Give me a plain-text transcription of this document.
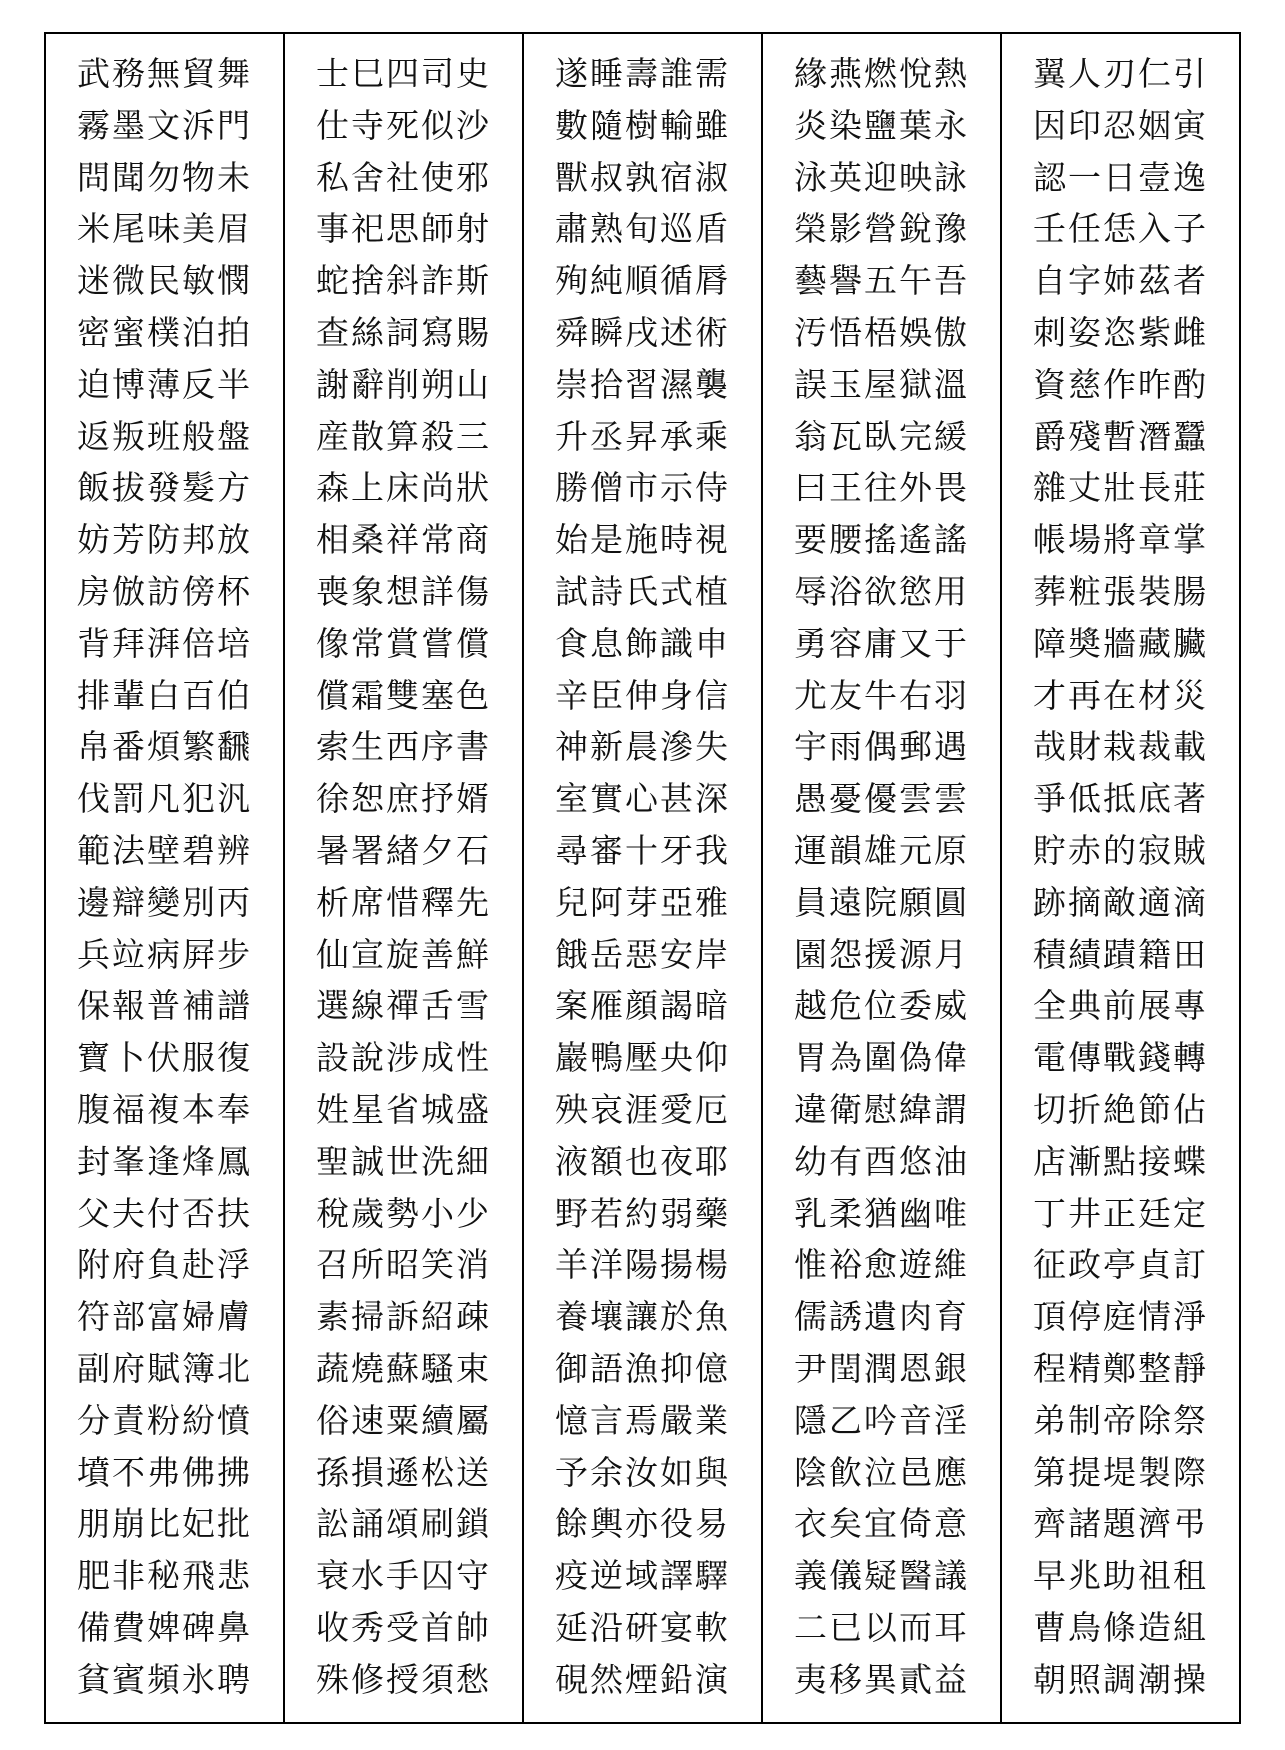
武務無貿舞
霧墨文泝門
問聞勿物未
米尾味美眉
迷微民敏憫
密蜜樸泊拍
迫博薄反半
返叛班般盤
飯拔發髮方
妨芳防邦放
房倣訪傍杯
背拜湃倍培
排輩白百伯
帛番煩繁飜
伐罰凡犯汎
範法壁碧辨
邊辯變別丙
兵竝病屛步
保報普補譜
寶卜伏服復
腹福複本奉
封峯逢烽鳳
父夫付否扶
附府負赴浮
符部富婦膚
副府賦簿北
分責粉紛憤
墳不弗佛拂
朋崩比妃批
肥非秘飛悲
備費婢碑鼻
貧賓頻氷聘
士巳四司史
仕寺死似沙
私舍社使邪
事祀思師射
蛇捨斜詐斯
查絲詞寫賜
謝辭削朔山
産散算殺三
森上床尚狀
相桑祥常商
喪象想詳傷
像常賞嘗償
償霜雙塞色
索生西序書
徐恕庶抒婿
暑署緖夕石
析席惜釋先
仙宣旋善鮮
選線禪舌雪
設說涉成性
姓星省城盛
聖誠世洗細
稅歲勢小少
召所昭笑消
素掃訴紹疎
蔬燒蘇騷束
俗速粟續屬
孫損遜松送
訟誦頌刷鎖
衰水手囚守
收秀受首帥
殊修授須愁
遂睡壽誰需
數隨樹輸雖
獸叔孰宿淑
肅熟旬巡盾
殉純順循脣
舜瞬戌述術
崇拾習濕襲
升丞昇承乘
勝僧市示侍
始是施時視
試詩氏式植
食息飾識申
辛臣伸身信
神新晨滲失
室實心甚深
尋審十牙我
兒阿芽亞雅
餓岳惡安岸
案雁顔謁暗
巖鴨壓央仰
殃哀涯愛厄
液額也夜耶
野若約弱藥
羊洋陽揚楊
養壤讓於魚
御語漁抑億
憶言焉嚴業
予余汝如與
餘輿亦役易
疫逆域譯驛
延沿硏宴軟
硯然煙鉛演
緣燕燃悅熱
炎染鹽葉永
泳英迎映詠
榮影營銳豫
藝譽五午吾
汚悟梧娛傲
誤玉屋獄溫
翁瓦臥完緩
曰王往外畏
要腰搖遙謠
辱浴欲慾用
勇容庸又于
尤友牛右羽
宇雨偶郵遇
愚憂優雲雲
運韻雄元原
員遠院願圓
園怨援源月
越危位委威
胃為圍偽偉
違衛慰緯謂
幼有酉悠油
乳柔猶幽唯
惟裕愈遊維
儒誘遺肉育
尹閏潤恩銀
隱乙吟音淫
陰飮泣邑應
衣矣宜倚意
義儀疑醫議
二已以而耳
夷移異貳益
翼人刃仁引
因印忍姻寅
認一日壹逸
壬任恁入子
自字姉茲者
刺姿恣紫雌
資慈作昨酌
爵殘暫潛蠶
雜丈壯長莊
帳場將章掌
葬粧張裝腸
障奬牆藏臟
才再在材災
哉財栽裁載
爭低抵底著
貯赤的寂賊
跡摘敵適滴
積績蹟籍田
全典前展專
電傳戰錢轉
切折絶節佔
店漸點接蝶
丁井正廷定
征政亭貞訂
頂停庭情淨
程精鄭整靜
弟制帝除祭
第提堤製際
齊諸題濟弔
早兆助祖租
曹鳥條造組
朝照調潮操
